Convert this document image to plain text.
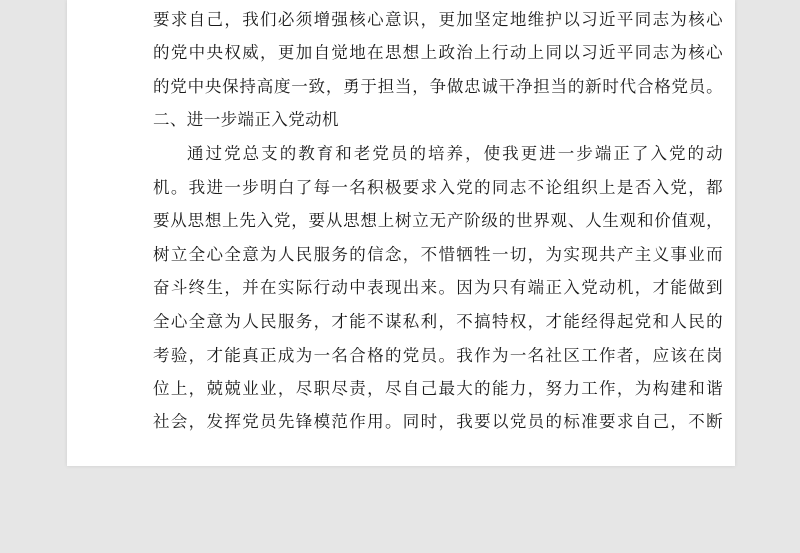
要求自己，我们必须增强核心意识，更加坚定地维护以习近平同志为核心
的党中央权威，更加自觉地在思想上政治上行动上同以习近平同志为核心
的党中央保持高度一致，勇于担当，争做忠诚干净担当的新时代合格党员。
二、进一步端正入党动机
通过党总支的教育和老党员的培养，使我更进一步端正了入党的动
机。我进一步明白了每一名积极要求入党的同志不论组织上是否入党，都
要从思想上先入党，要从思想上树立无产阶级的世界观、人生观和价值观，
树立全心全意为人民服务的信念，不惜牺牲一切，为实现共产主义事业而
奋斗终生，并在实际行动中表现出来。因为只有端正入党动机，才能做到
全心全意为人民服务，才能不谋私利，不搞特权，才能经得起党和人民的
考验，才能真正成为一名合格的党员。我作为一名社区工作者，应该在岗
位上，兢兢业业，尽职尽责，尽自己最大的能力，努力工作，为构建和谐
社会，发挥党员先锋模范作用。同时，我要以党员的标准要求自己，不断
